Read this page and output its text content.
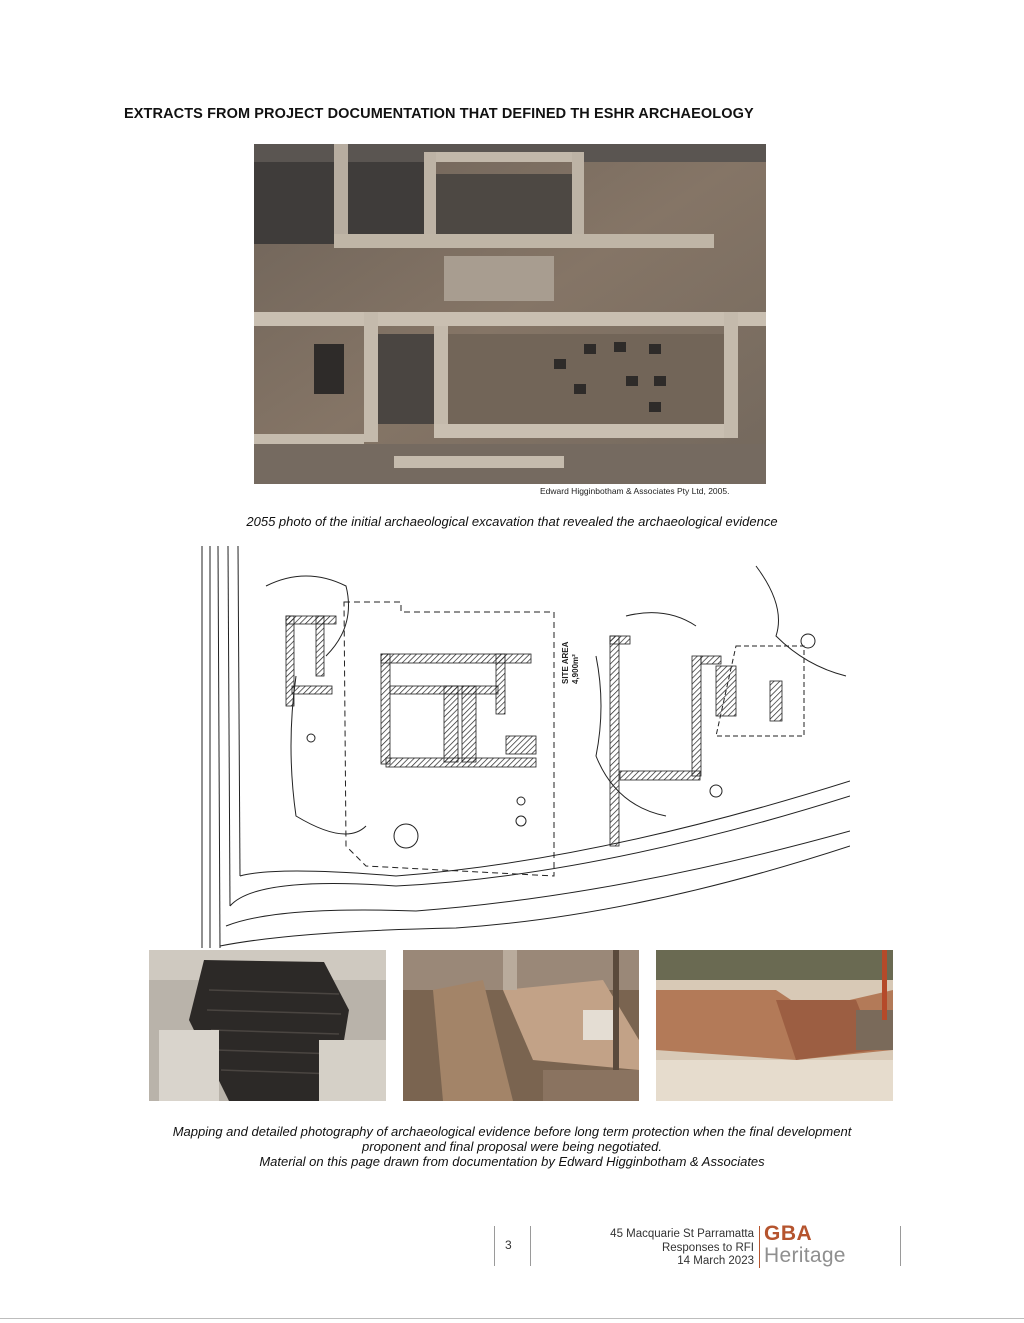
EXTRACTS FROM PROJECT DOCUMENTATION THAT DEFINED TH ESHR ARCHAEOLOGY
Edward Higginbotham & Associates Pty Ltd, 2005.
2055 photo of the initial archaeological excavation that revealed the archaeological evidence
SITE AREA 4,900m²
Mapping and detailed photography of archaeological evidence before long term protection when the final development
proponent and final proposal were being negotiated.
Material on this page drawn from documentation by Edward Higginbotham & Associates
3
45 Macquarie St Parramatta
Responses to RFI
14 March 2023
GBA
Heritage
